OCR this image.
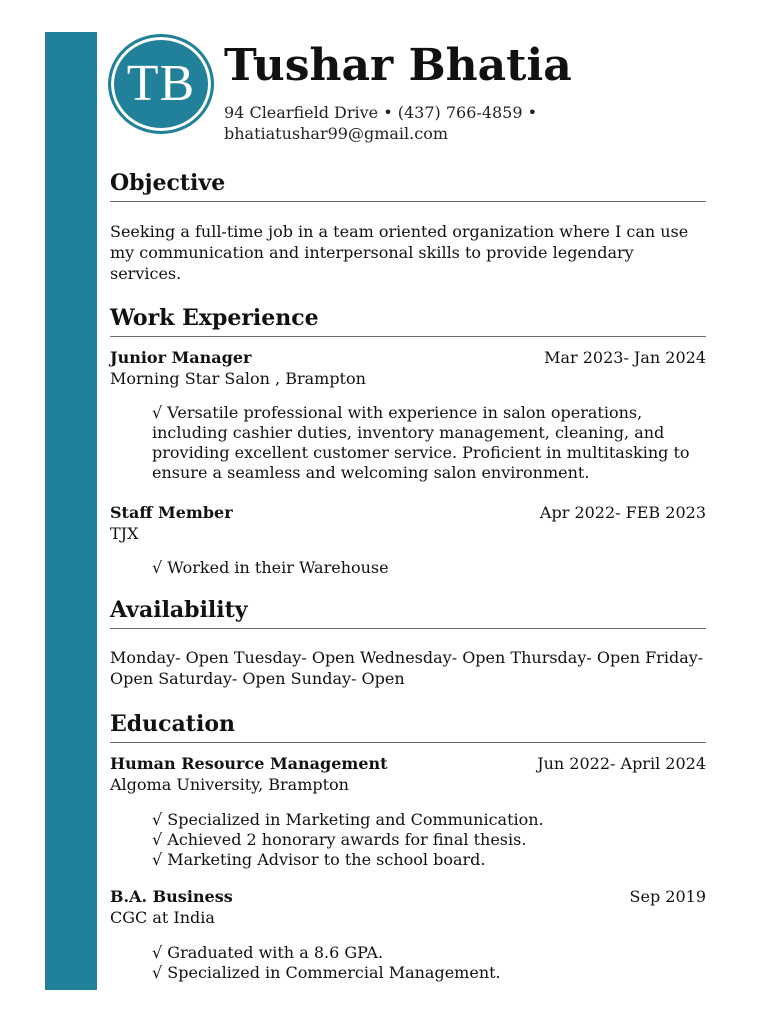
TB Tushar Bhatia
94 Clearfield Drive • (437) 766-4859 •
bhatiatushar99@gmail.com
Objective
Seeking a full-time job in a team oriented organization where I can use my communication and interpersonal skills to provide legendary services.
Work Experience
Junior Manager	Mar 2023- Jan 2024
Morning Star Salon , Brampton
√ Versatile professional with experience in salon operations, including cashier duties, inventory management, cleaning, and providing excellent customer service. Proficient in multitasking to ensure a seamless and welcoming salon environment.
Staff Member	Apr 2022- FEB 2023
TJX
√ Worked in their Warehouse
Availability
Monday- Open Tuesday- Open Wednesday- Open Thursday- Open Friday- Open Saturday- Open Sunday- Open
Education
Human Resource Management	Jun 2022- April 2024
Algoma University, Brampton
√ Specialized in Marketing and Communication.
√ Achieved 2 honorary awards for final thesis.
√ Marketing Advisor to the school board.
B.A. Business	Sep 2019
CGC at India
√ Graduated with a 8.6 GPA.
√ Specialized in Commercial Management.
